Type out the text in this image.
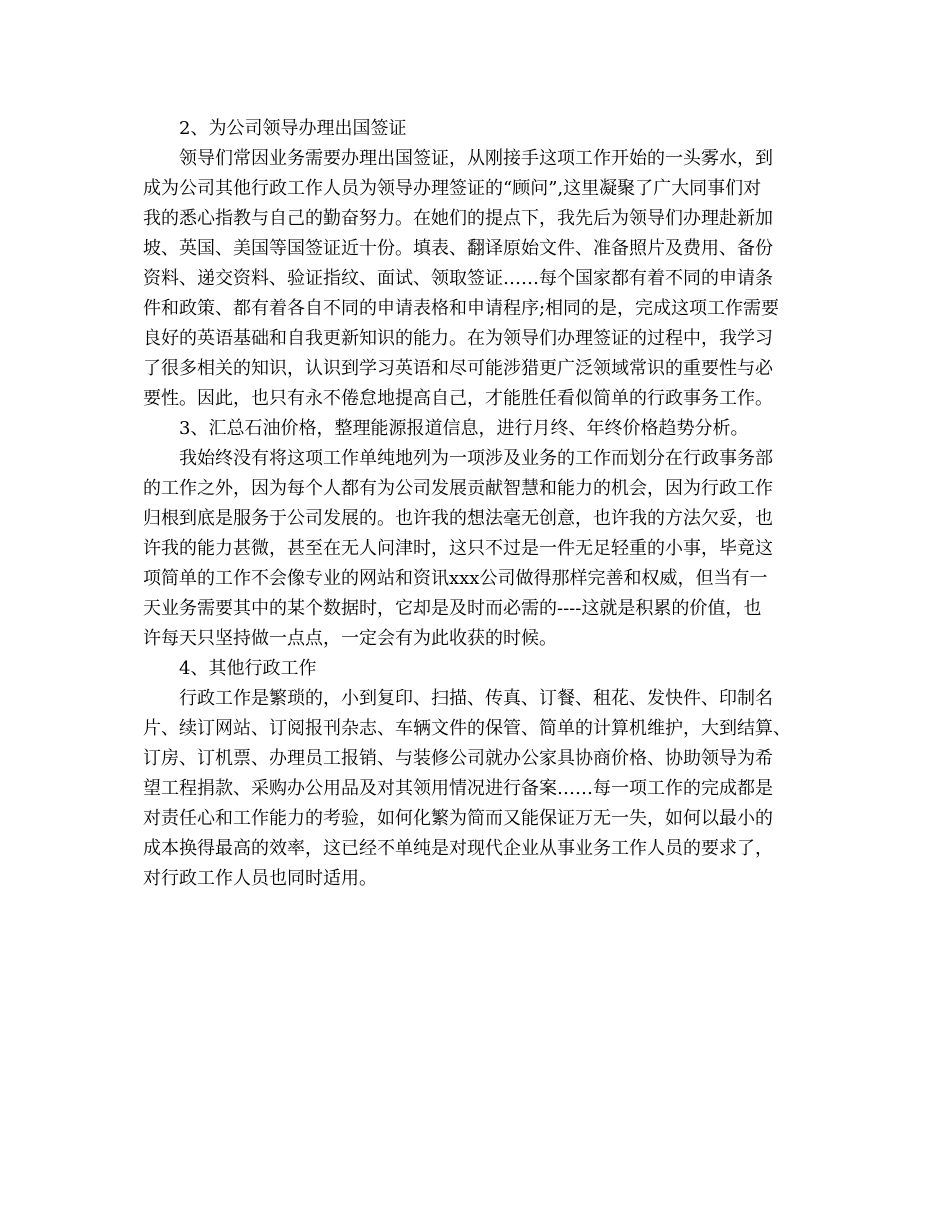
2、为公司领导办理出国签证
领导们常因业务需要办理出国签证，从刚接手这项工作开始的一头雾水，到
成为公司其他行政工作人员为领导办理签证的“顾问”,这里凝聚了广大同事们对
我的悉心指教与自己的勤奋努力。在她们的提点下，我先后为领导们办理赴新加
坡、英国、美国等国签证近十份。填表、翻译原始文件、准备照片及费用、备份
资料、递交资料、验证指纹、面试、领取签证……每个国家都有着不同的申请条
件和政策、都有着各自不同的申请表格和申请程序;相同的是，完成这项工作需要
良好的英语基础和自我更新知识的能力。在为领导们办理签证的过程中，我学习
了很多相关的知识，认识到学习英语和尽可能涉猎更广泛领域常识的重要性与必
要性。因此，也只有永不倦怠地提高自己，才能胜任看似简单的行政事务工作。
3、汇总石油价格，整理能源报道信息，进行月终、年终价格趋势分析。
我始终没有将这项工作单纯地列为一项涉及业务的工作而划分在行政事务部
的工作之外，因为每个人都有为公司发展贡献智慧和能力的机会，因为行政工作
归根到底是服务于公司发展的。也许我的想法毫无创意，也许我的方法欠妥，也
许我的能力甚微，甚至在无人问津时，这只不过是一件无足轻重的小事，毕竟这
项简单的工作不会像专业的网站和资讯xxx公司做得那样完善和权威，但当有一
天业务需要其中的某个数据时，它却是及时而必需的----这就是积累的价值，也
许每天只坚持做一点点，一定会有为此收获的时候。
4、其他行政工作
行政工作是繁琐的，小到复印、扫描、传真、订餐、租花、发快件、印制名
片、续订网站、订阅报刊杂志、车辆文件的保管、简单的计算机维护，大到结算、
订房、订机票、办理员工报销、与装修公司就办公家具协商价格、协助领导为希
望工程捐款、采购办公用品及对其领用情况进行备案……每一项工作的完成都是
对责任心和工作能力的考验，如何化繁为简而又能保证万无一失，如何以最小的
成本换得最高的效率，这已经不单纯是对现代企业从事业务工作人员的要求了，
对行政工作人员也同时适用。
